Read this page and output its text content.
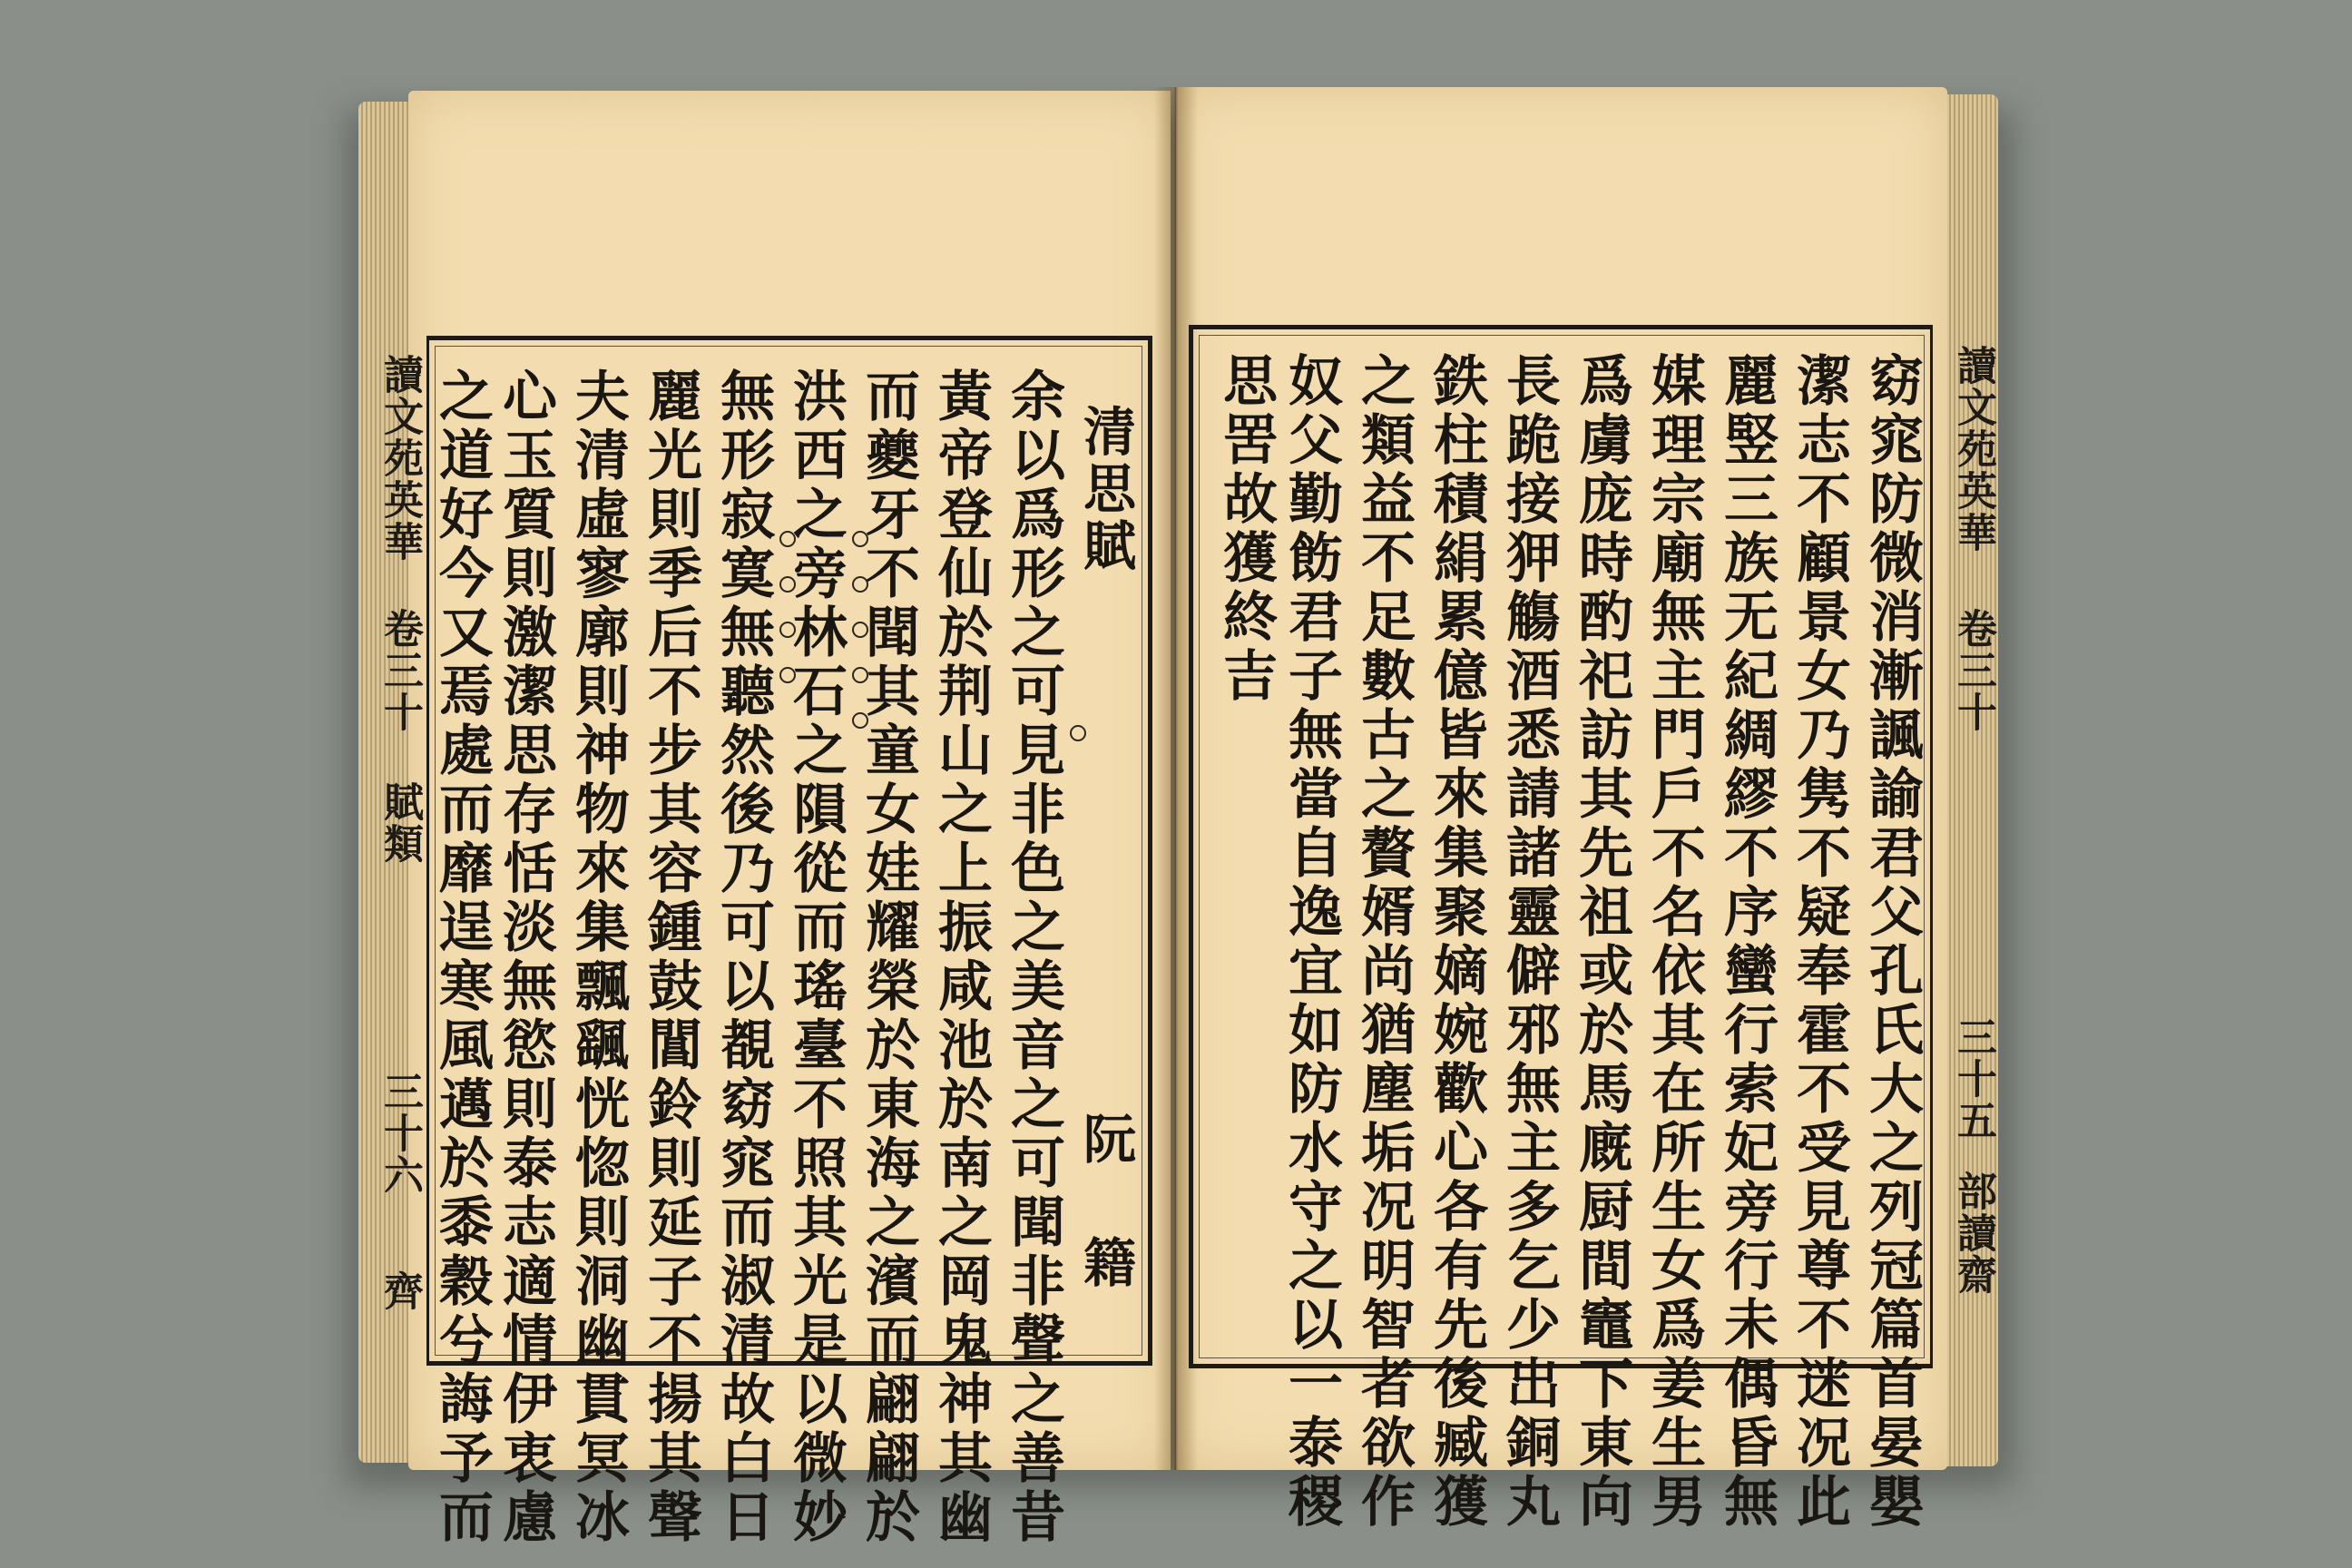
讀文苑英華
卷三十 賦類
三十六
齊
清思賦
阮 籍
余以爲形之可見非色之美音之可聞非聲之善昔
黃帝登仙於荆山之上振咸池於南之岡鬼神其幽
而夔牙不聞其童女娃耀榮於東海之濱而翩翩於
洪西之旁林石之隕從而瑤臺不照其光是以微妙
無形寂寞無聽然後乃可以覩窈窕而淑清故白日
麗光則季后不步其容鍾鼓閶鈴則延子不揚其聲
夫清虛寥廓則神物來集飄颻恍惚則洞幽貫冥冰
心玉質則激潔思存恬淡無慾則泰志適情伊衷慮
之道好今又焉處而靡逞寒風邁於黍穀兮誨予而	讀文苑英華
卷三十
三十五
部讀齋
窈窕防微消漸諷諭君父孔氏大之列冠篇首晏嬰
潔志不顧景女乃隽不疑奉霍不受見尊不迷况此
麗竪三族无紀綢繆不序蠻行索妃旁行未偶昏無
媒理宗廟無主門戶不名依其在所生女爲姜生男
爲虜庞時酌祀訪其先祖或於馬廐厨間竈下東向
長跪接狎觴酒悉請諸靈僻邪無主多乞少出銅丸
鉄柱積絹累億皆來集聚嫡婉歡心各有先後臧獲
之類益不足數古之贅婿尚猶塵垢况明智者欲作
奴父勤飭君子無當自逸宜如防水守之以一泰稷
思罟故獲終吉
